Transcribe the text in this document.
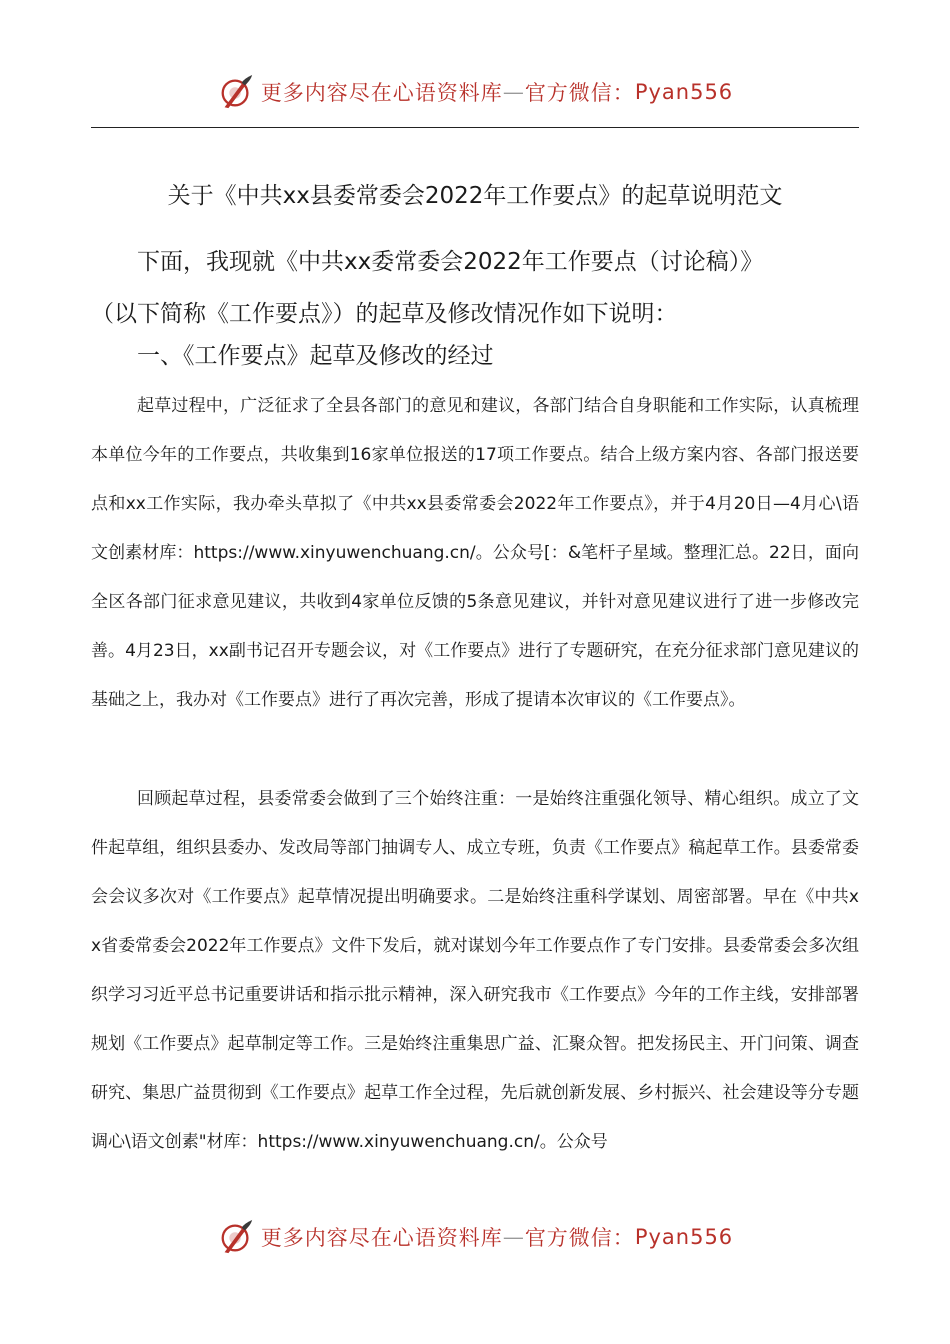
更多内容尽在心语资料库 — 官方微信： Pyan556
关于《中共xx县委常委会2022年工作要点》的起草说明范文
下面，我现就《中共xx委常委会2022年工作要点（讨论稿）》
（以下简称《工作要点》）的起草及修改情况作如下说明：
一、《工作要点》起草及修改的经过

起草过程中，广泛征求了全县各部门的意见和建议，各部门结合自身职能和工作实际，认真梳理本单位今年的工作要点，共收集到16家单位报送的17项工作要点。结合上级方案内容、各部门报送要点和xx工作实际，我办牵头草拟了《中共xx县委常委会2022年工作要点》，并于4月20日—4月心\语文创素材库：https://www.xinyuwenchuang.cn/。公众号[：&笔杆子星域。整理汇总。22日，面向全区各部门征求意见建议，共收到4家单位反馈的5条意见建议，并针对意见建议进行了进一步修改完善。4月23日，xx副书记召开专题会议，对《工作要点》进行了专题研究，在充分征求部门意见建议的基础之上，我办对《工作要点》进行了再次完善，形成了提请本次审议的《工作要点》。

回顾起草过程，县委常委会做到了三个始终注重：一是始终注重强化领导、精心组织。成立了文件起草组，组织县委办、发改局等部门抽调专人、成立专班，负责《工作要点》稿起草工作。县委常委会会议多次对《工作要点》起草情况提出明确要求。二是始终注重科学谋划、周密部署。早在《中共xx省委常委会2022年工作要点》文件下发后，就对谋划今年工作要点作了专门安排。县委常委会多次组织学习习近平总书记重要讲话和指示批示精神，深入研究我市《工作要点》今年的工作主线，安排部署规划《工作要点》起草制定等工作。三是始终注重集思广益、汇聚众智。把发扬民主、开门问策、调查研究、集思广益贯彻到《工作要点》起草工作全过程，先后就创新发展、乡村振兴、社会建设等分专题调心\语文创素"材库：https://www.xinyuwenchuang.cn/。公众号

更多内容尽在心语资料库 — 官方微信： Pyan556
